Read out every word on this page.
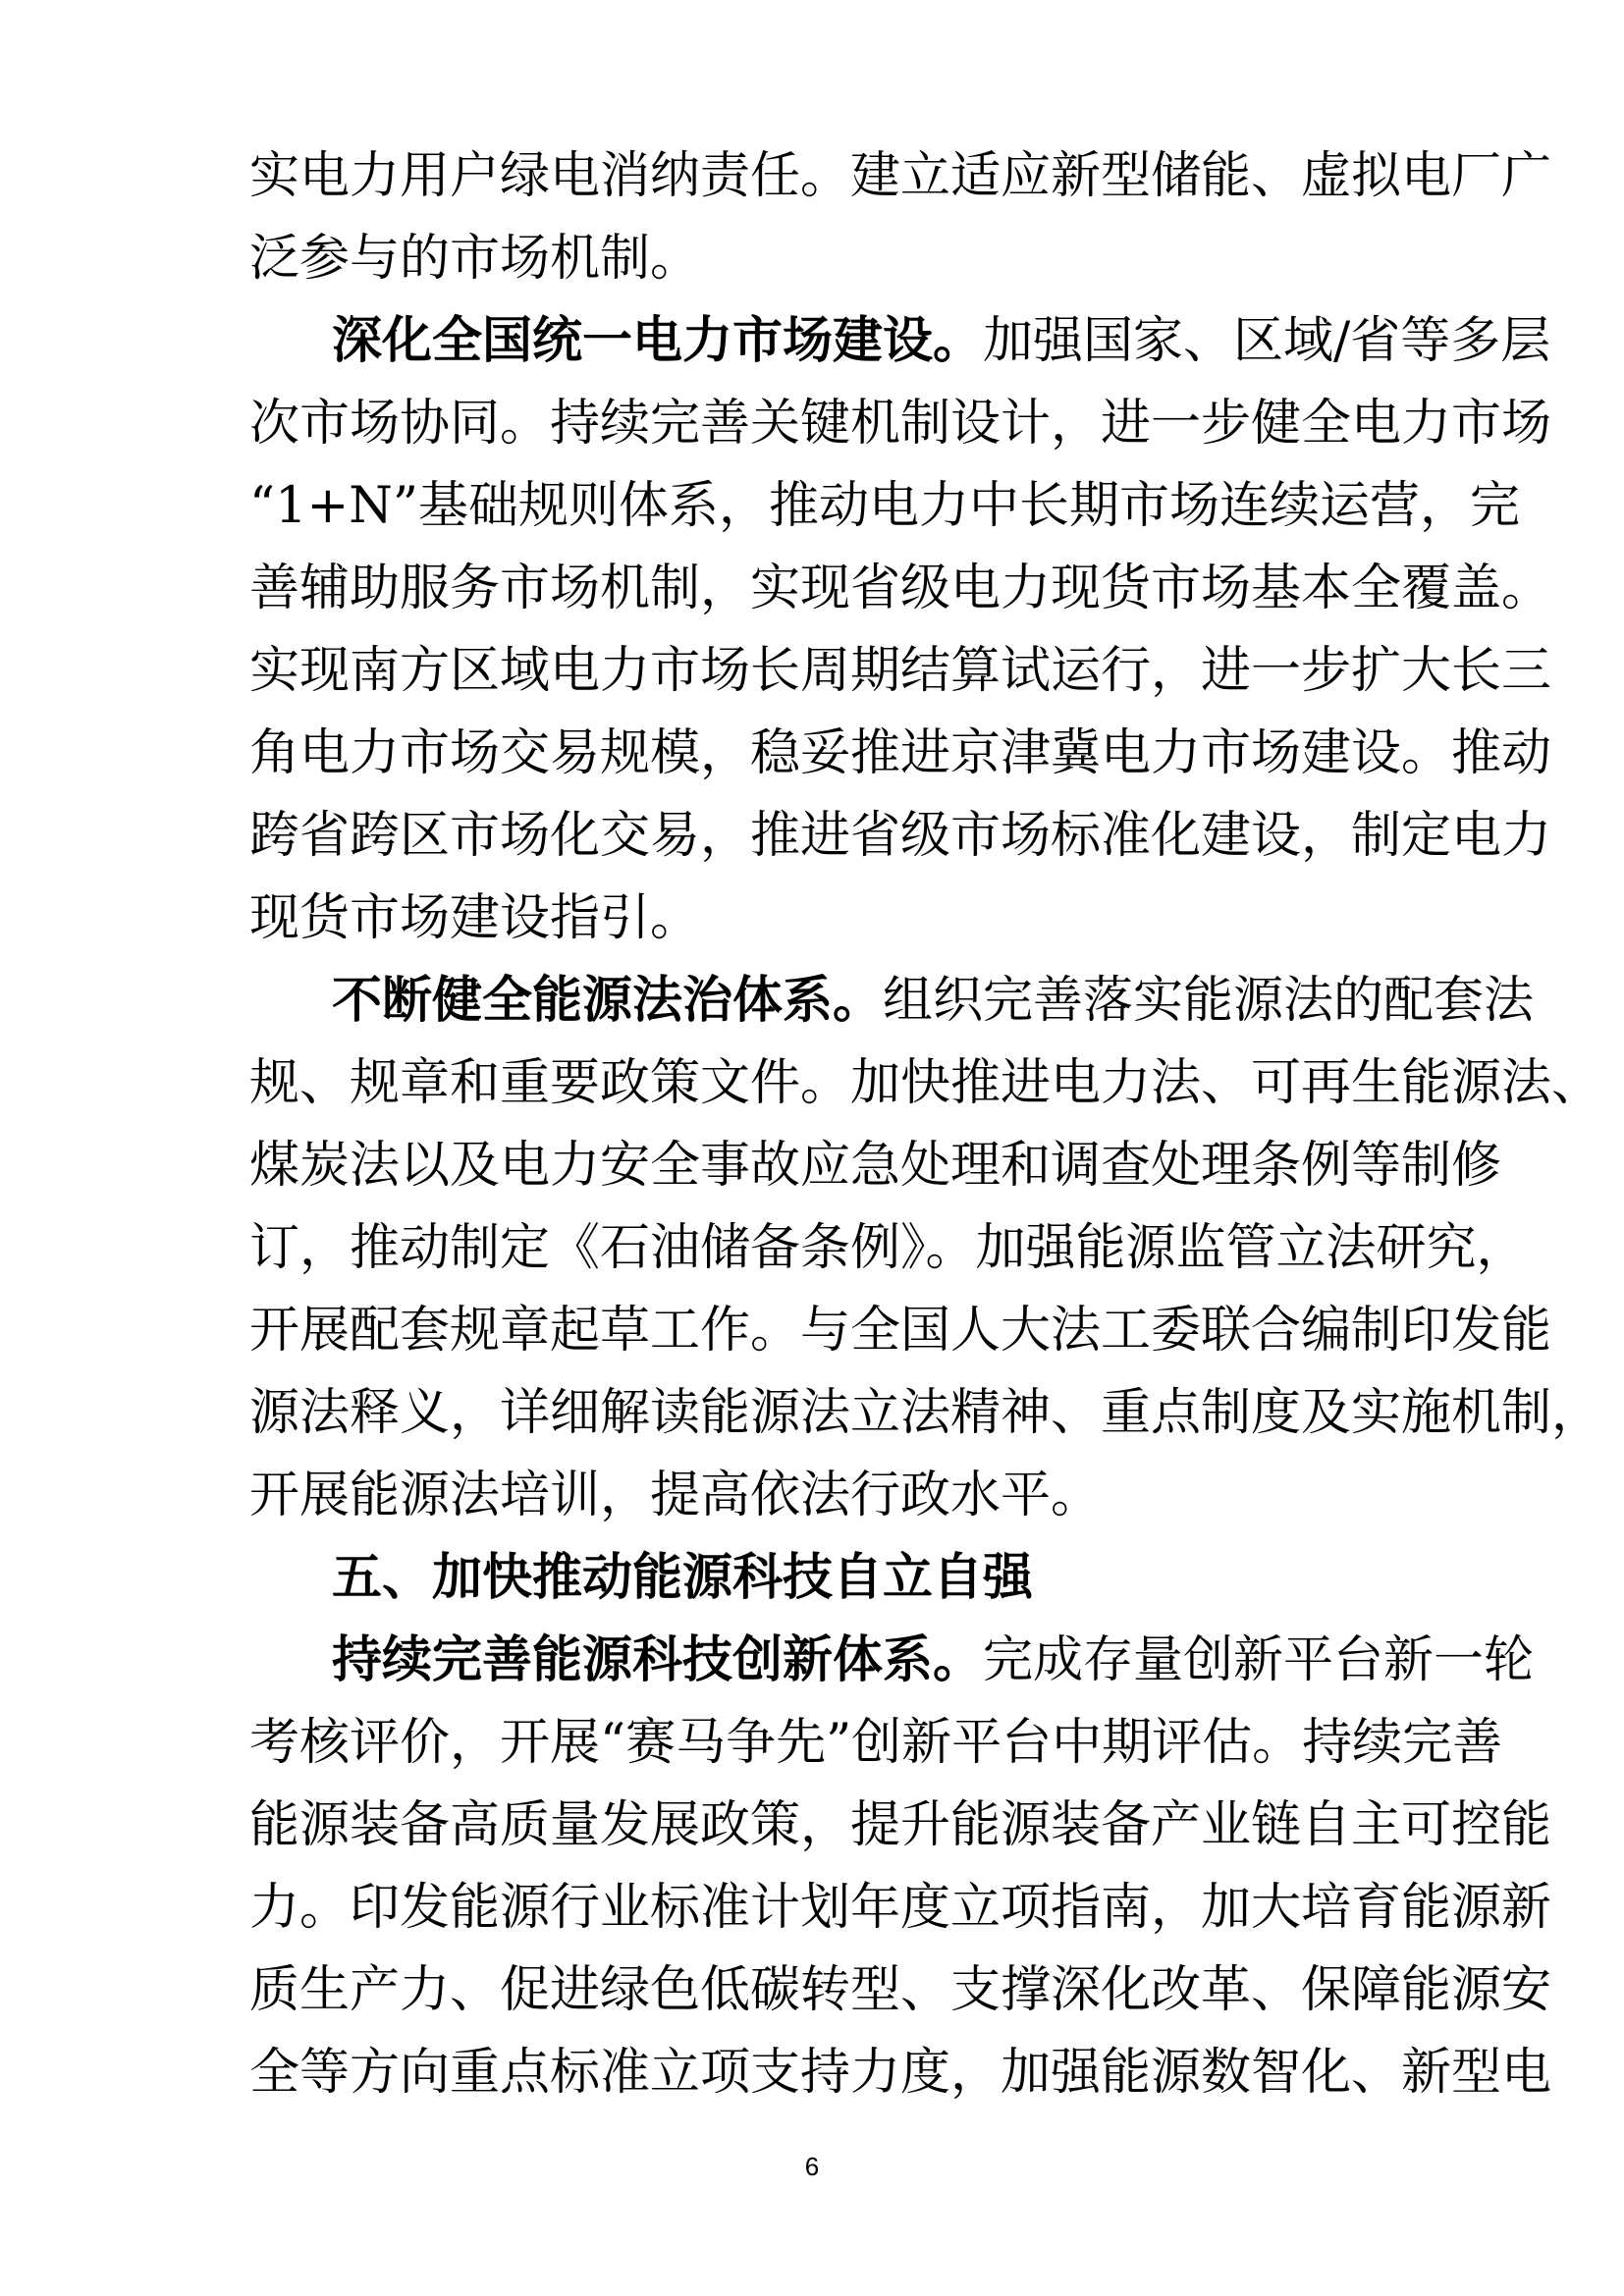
实电力用户绿电消纳责任。建立适应新型储能、虚拟电厂广
泛参与的市场机制。
深化全国统一电力市场建设。加强国家、区域/省等多层
次市场协同。持续完善关键机制设计，进一步健全电力市场
“1+N”基础规则体系，推动电力中长期市场连续运营，完
善辅助服务市场机制，实现省级电力现货市场基本全覆盖。
实现南方区域电力市场长周期结算试运行，进一步扩大长三
角电力市场交易规模，稳妥推进京津冀电力市场建设。推动
跨省跨区市场化交易，推进省级市场标准化建设，制定电力
现货市场建设指引。
不断健全能源法治体系。组织完善落实能源法的配套法
规、规章和重要政策文件。加快推进电力法、可再生能源法、
煤炭法以及电力安全事故应急处理和调查处理条例等制修
订，推动制定《石油储备条例》。加强能源监管立法研究，
开展配套规章起草工作。与全国人大法工委联合编制印发能
源法释义，详细解读能源法立法精神、重点制度及实施机制，
开展能源法培训，提高依法行政水平。
五、加快推动能源科技自立自强
持续完善能源科技创新体系。完成存量创新平台新一轮
考核评价，开展“赛马争先”创新平台中期评估。持续完善
能源装备高质量发展政策，提升能源装备产业链自主可控能
力。印发能源行业标准计划年度立项指南，加大培育能源新
质生产力、促进绿色低碳转型、支撑深化改革、保障能源安
全等方向重点标准立项支持力度，加强能源数智化、新型电
6
